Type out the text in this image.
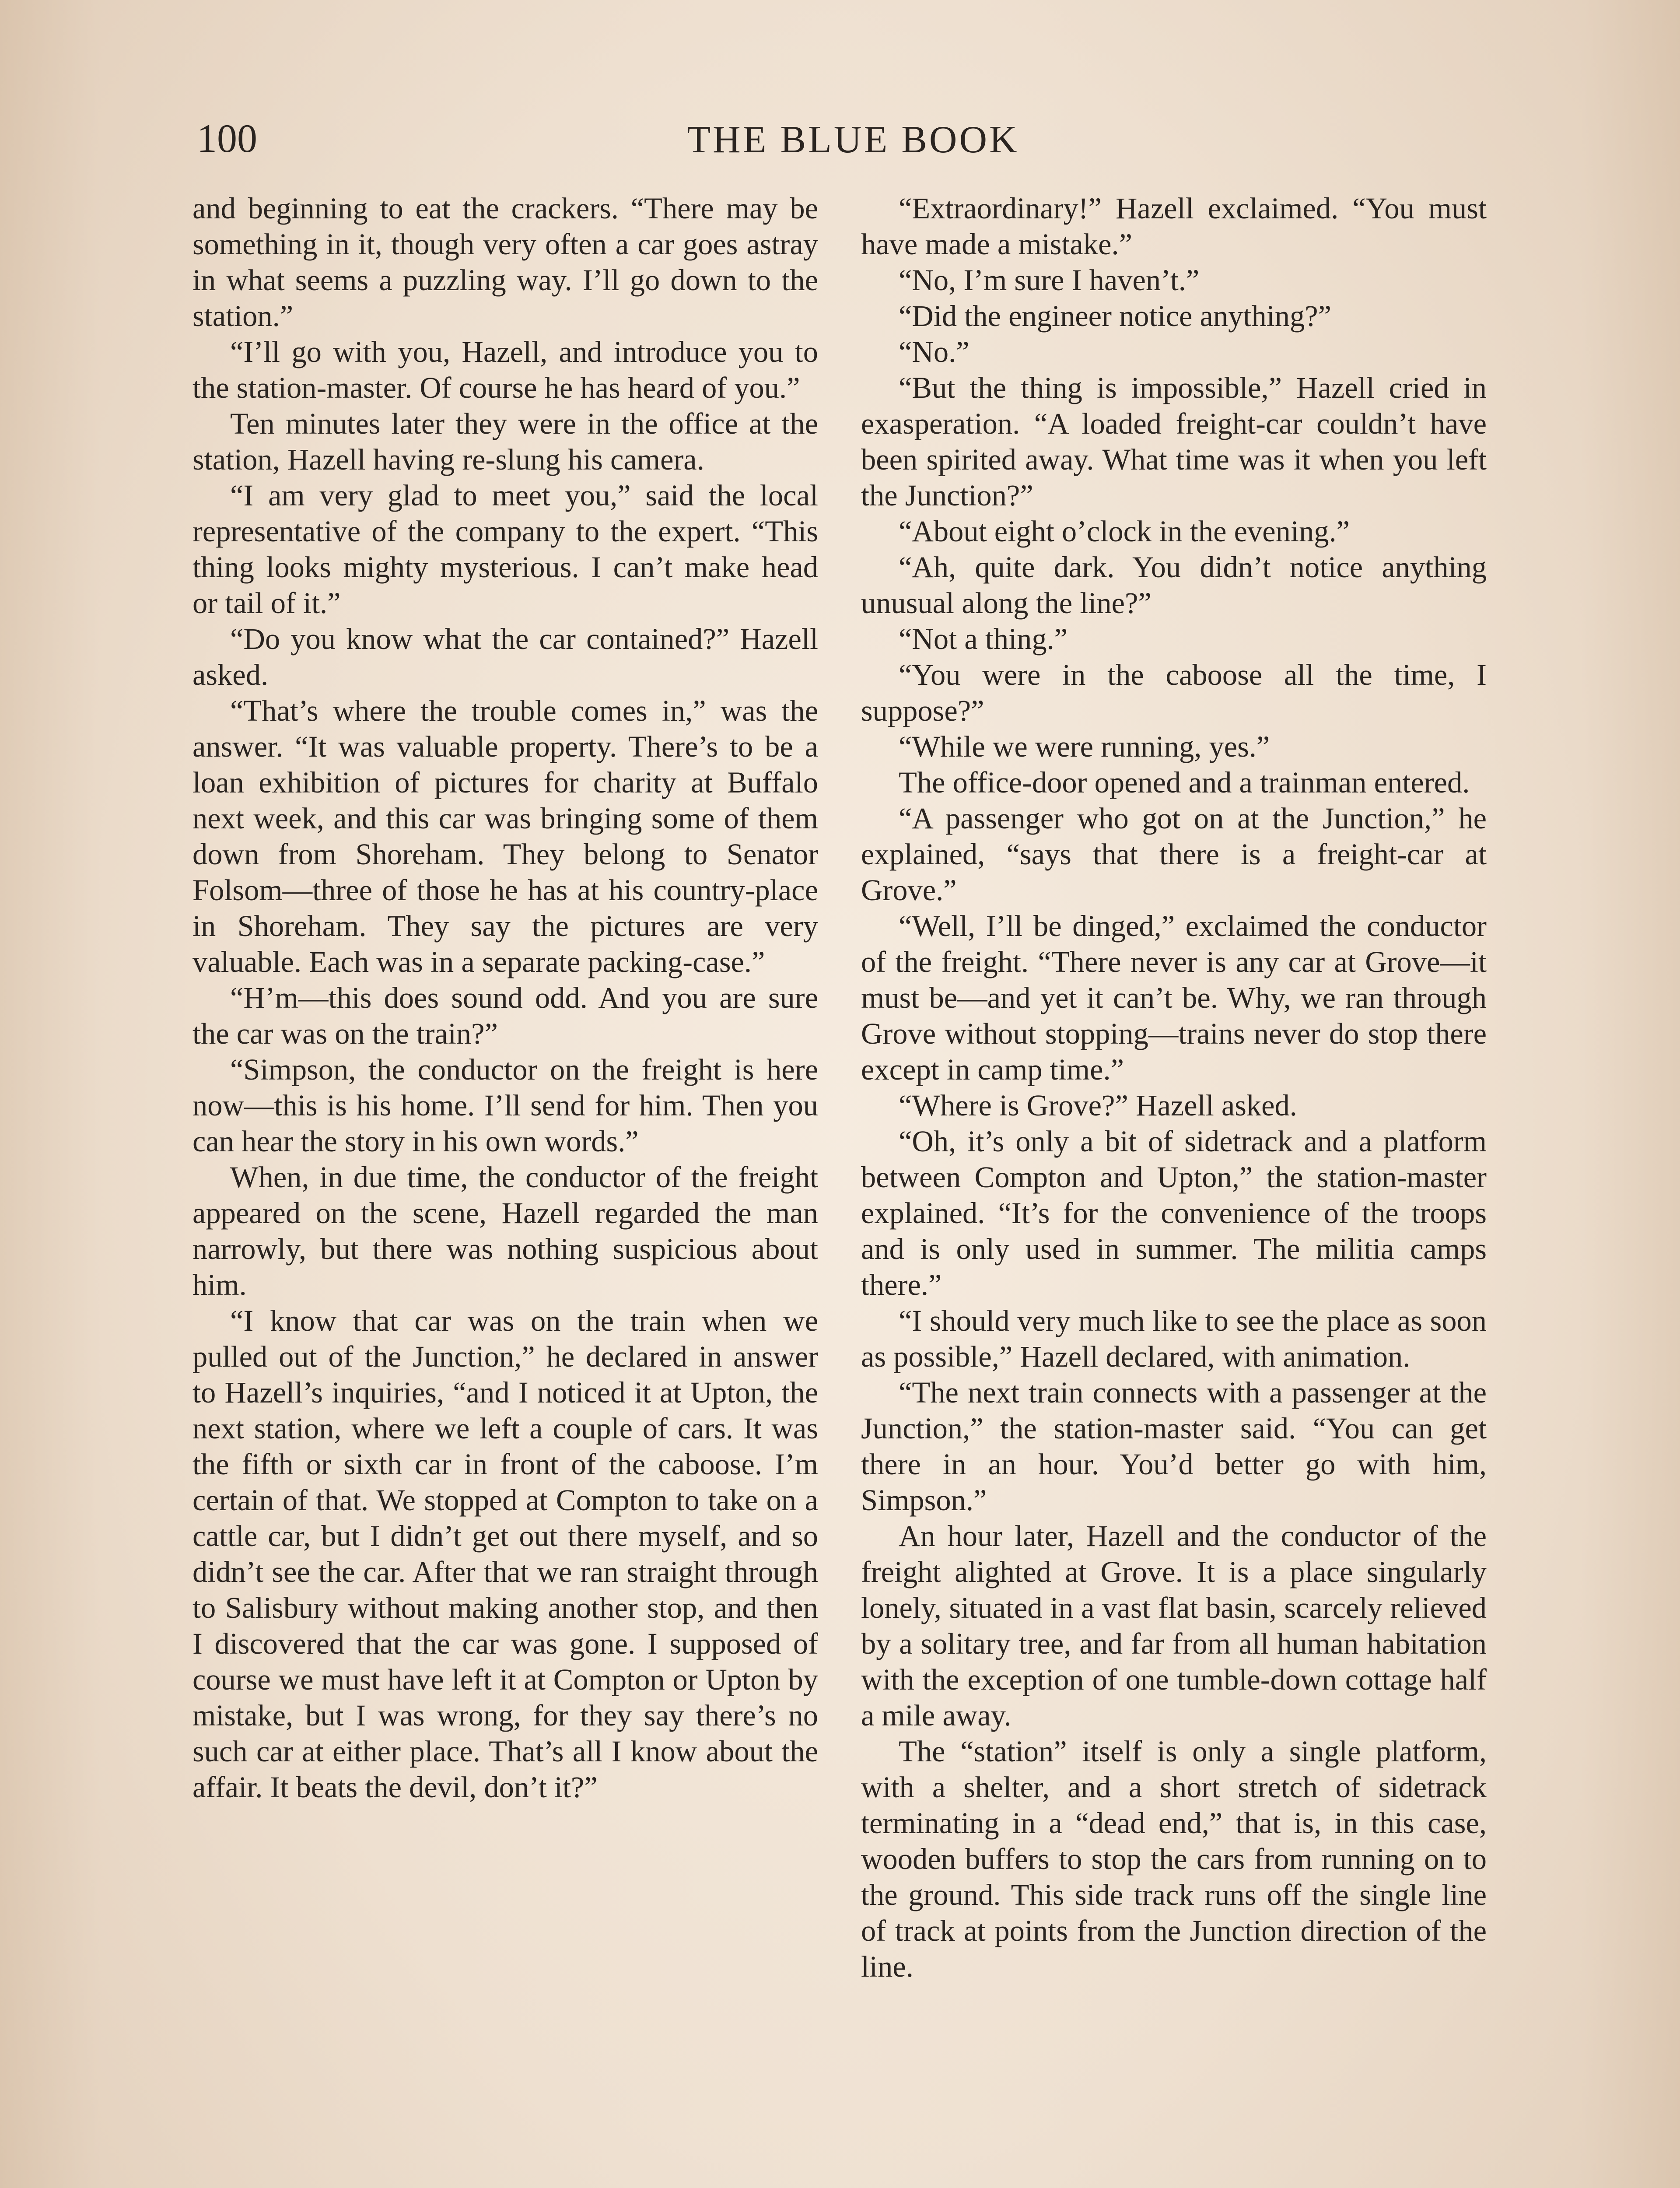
100	THE BLUE BOOK

and beginning to eat the crackers. “There may be something in it, though very often a car goes astray in what seems a puzzling way. I’ll go down to the station.”

“I’ll go with you, Hazell, and introduce you to the station-master. Of course he has heard of you.”

Ten minutes later they were in the office at the station, Hazell having re-slung his camera.

“I am very glad to meet you,” said the local representative of the company to the expert. “This thing looks mighty mysterious. I can’t make head or tail of it.”

“Do you know what the car contained?” Hazell asked.

“That’s where the trouble comes in,” was the answer. “It was valuable property. There’s to be a loan exhibition of pictures for charity at Buffalo next week, and this car was bringing some of them down from Shoreham. They belong to Senator Folsom—three of those he has at his country-place in Shoreham. They say the pictures are very valuable. Each was in a separate packing-case.”

“H’m—this does sound odd. And you are sure the car was on the train?”

“Simpson, the conductor on the freight is here now—this is his home. I’ll send for him. Then you can hear the story in his own words.”

When, in due time, the conductor of the freight appeared on the scene, Hazell regarded the man narrowly, but there was nothing suspicious about him.

“I know that car was on the train when we pulled out of the Junction,” he declared in answer to Hazell’s inquiries, “and I noticed it at Upton, the next station, where we left a couple of cars. It was the fifth or sixth car in front of the caboose. I’m certain of that. We stopped at Compton to take on a cattle car, but I didn’t get out there myself, and so didn’t see the car. After that we ran straight through to Salisbury without making another stop, and then I discovered that the car was gone. I supposed of course we must have left it at Compton or Upton by mistake, but I was wrong, for they say there’s no such car at either place. That’s all I know about the affair. It beats the devil, don’t it?”

“Extraordinary!” Hazell exclaimed. “You must have made a mistake.”

“No, I’m sure I haven’t.”

“Did the engineer notice anything?”

“No.”

“But the thing is impossible,” Hazell cried in exasperation. “A loaded freight-car couldn’t have been spirited away. What time was it when you left the Junction?”

“About eight o’clock in the evening.”

“Ah, quite dark. You didn’t notice anything unusual along the line?”

“Not a thing.”

“You were in the caboose all the time, I suppose?”

“While we were running, yes.”

The office-door opened and a trainman entered.

“A passenger who got on at the Junction,” he explained, “says that there is a freight-car at Grove.”

“Well, I’ll be dinged,” exclaimed the conductor of the freight. “There never is any car at Grove—it must be—and yet it can’t be. Why, we ran through Grove without stopping—trains never do stop there except in camp time.”

“Where is Grove?” Hazell asked.

“Oh, it’s only a bit of sidetrack and a platform between Compton and Upton,” the station-master explained. “It’s for the convenience of the troops and is only used in summer. The militia camps there.”

“I should very much like to see the place as soon as possible,” Hazell declared, with animation.

“The next train connects with a passenger at the Junction,” the station-master said. “You can get there in an hour. You’d better go with him, Simpson.”

An hour later, Hazell and the conductor of the freight alighted at Grove. It is a place singularly lonely, situated in a vast flat basin, scarcely relieved by a solitary tree, and far from all human habitation with the exception of one tumble-down cottage half a mile away.

The “station” itself is only a single platform, with a shelter, and a short stretch of sidetrack terminating in a “dead end,” that is, in this case, wooden buffers to stop the cars from running on to the ground. This side track runs off the single line of track at points from the Junction direction of the line.
